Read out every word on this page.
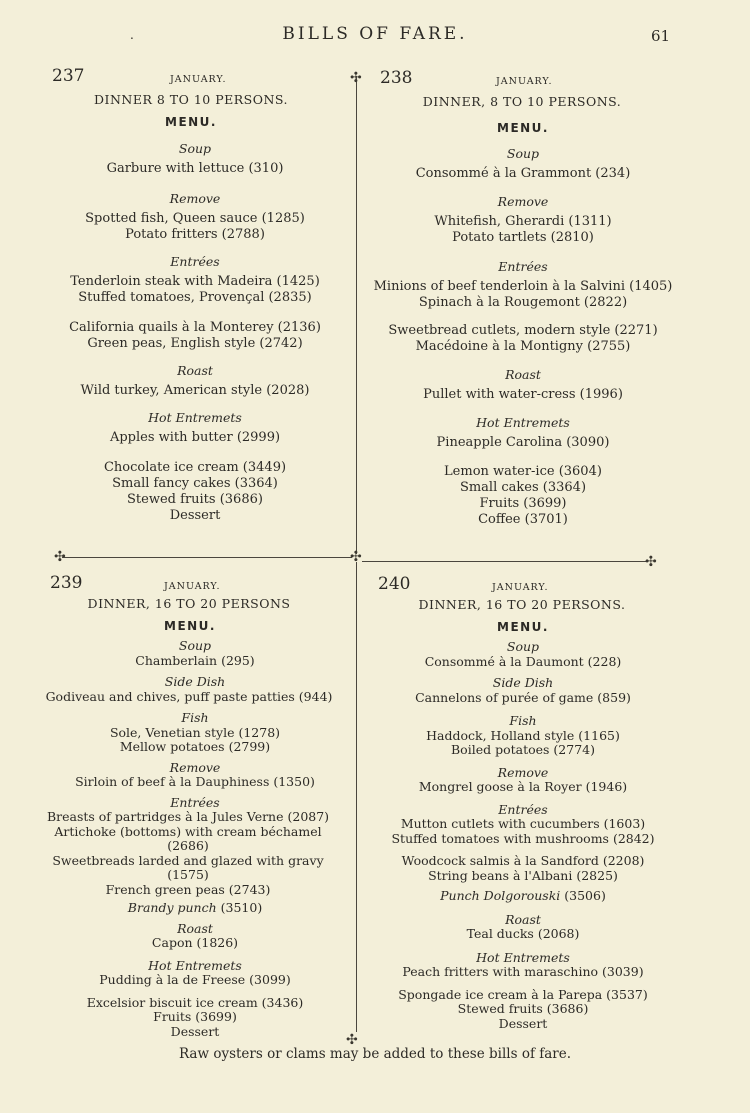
.	BILLS OF FARE.	61
✣
✣	✣	✣
✣
237	JANUARY.
DINNER 8 TO 10 PERSONS.
MENU.
Soup
Garbure with lettuce (310)
Remove
Spotted fish, Queen sauce (1285)
Potato fritters (2788)
Entrées
Tenderloin steak with Madeira (1425)
Stuffed tomatoes, Provençal (2835)
California quails à la Monterey (2136)
Green peas, English style (2742)
Roast
Wild turkey, American style (2028)
Hot Entremets
Apples with butter (2999)
Chocolate ice cream (3449)
Small fancy cakes (3364)
Stewed fruits (3686)
Dessert
238	JANUARY.
DINNER, 8 TO 10 PERSONS.
MENU.
Soup
Consommé à la Grammont (234)
Remove
Whitefish, Gherardi (1311)
Potato tartlets (2810)
Entrées
Minions of beef tenderloin à la Salvini (1405)
Spinach à la Rougemont (2822)
Sweetbread cutlets, modern style (2271)
Macédoine à la Montigny (2755)
Roast
Pullet with water-cress (1996)
Hot Entremets
Pineapple Carolina (3090)
Lemon water-ice (3604)
Small cakes (3364)
Fruits (3699)
Coffee (3701)
239	JANUARY.
DINNER, 16 TO 20 PERSONS
MENU.
Soup
Chamberlain (295)
Side Dish
Godiveau and chives, puff paste patties (944)
Fish
Sole, Venetian style (1278)
Mellow potatoes (2799)
Remove
Sirloin of beef à la Dauphiness (1350)
Entrées
Breasts of partridges à la Jules Verne (2087)
Artichoke (bottoms) with cream béchamel
(2686)
Sweetbreads larded and glazed with gravy
(1575)
French green peas (2743)
Brandy punch (3510)
Roast
Capon (1826)
Hot Entremets
Pudding à la de Freese (3099)
Excelsior biscuit ice cream (3436)
Fruits (3699)
Dessert
240	JANUARY.
DINNER, 16 TO 20 PERSONS.
MENU.
Soup
Consommé à la Daumont (228)
Side Dish
Cannelons of purée of game (859)
Fish
Haddock, Holland style (1165)
Boiled potatoes (2774)
Remove
Mongrel goose à la Royer (1946)
Entrées
Mutton cutlets with cucumbers (1603)
Stuffed tomatoes with mushrooms (2842)
Woodcock salmis à la Sandford (2208)
String beans à l'Albani (2825)
Punch Dolgorouski (3506)
Roast
Teal ducks (2068)
Hot Entremets
Peach fritters with maraschino (3039)
Spongade ice cream à la Parepa (3537)
Stewed fruits (3686)
Dessert
Raw oysters or clams may be added to these bills of fare.
